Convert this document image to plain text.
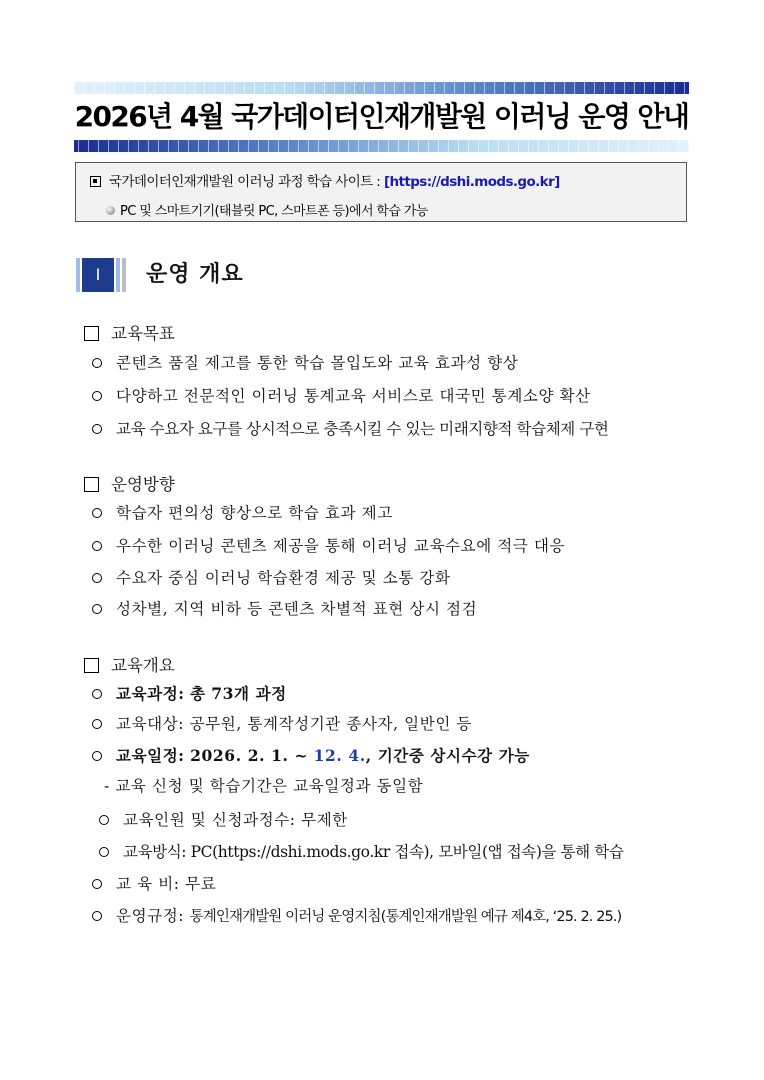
2026년 4월 국가데이터인재개발원 이러닝 운영 안내
국가데이터인재개발원 이러닝 과정 학습 사이트 : [https://dshi.mods.go.kr]
PC 및 스마트기기(태블릿 PC, 스마트폰 등)에서 학습 가능
Ⅰ	운영 개요
교육목표
콘텐츠 품질 제고를 통한 학습 몰입도와 교육 효과성 향상
다양하고 전문적인 이러닝 통계교육 서비스로 대국민 통계소양 확산
교육 수요자 요구를 상시적으로 충족시킬 수 있는 미래지향적 학습체제 구현
운영방향
학습자 편의성 향상으로 학습 효과 제고
우수한 이러닝 콘텐츠 제공을 통해 이러닝 교육수요에 적극 대응
수요자 중심 이러닝 학습환경 제공 및 소통 강화
성차별, 지역 비하 등 콘텐츠 차별적 표현 상시 점검
교육개요
교육과정: 총 73개 과정
교육대상: 공무원, 통계작성기관 종사자, 일반인 등
교육일정: 2026. 2. 1. ~ 12. 4., 기간중 상시수강 가능
- 교육 신청 및 학습기간은 교육일정과 동일함
교육인원 및 신청과정수: 무제한
교육방식: PC(https://dshi.mods.go.kr 접속), 모바일(앱 접속)을 통해 학습
교 육 비: 무료
운영규정: 통계인재개발원 이러닝 운영지침(통계인재개발원 예규 제4호, ‘25. 2. 25.)
